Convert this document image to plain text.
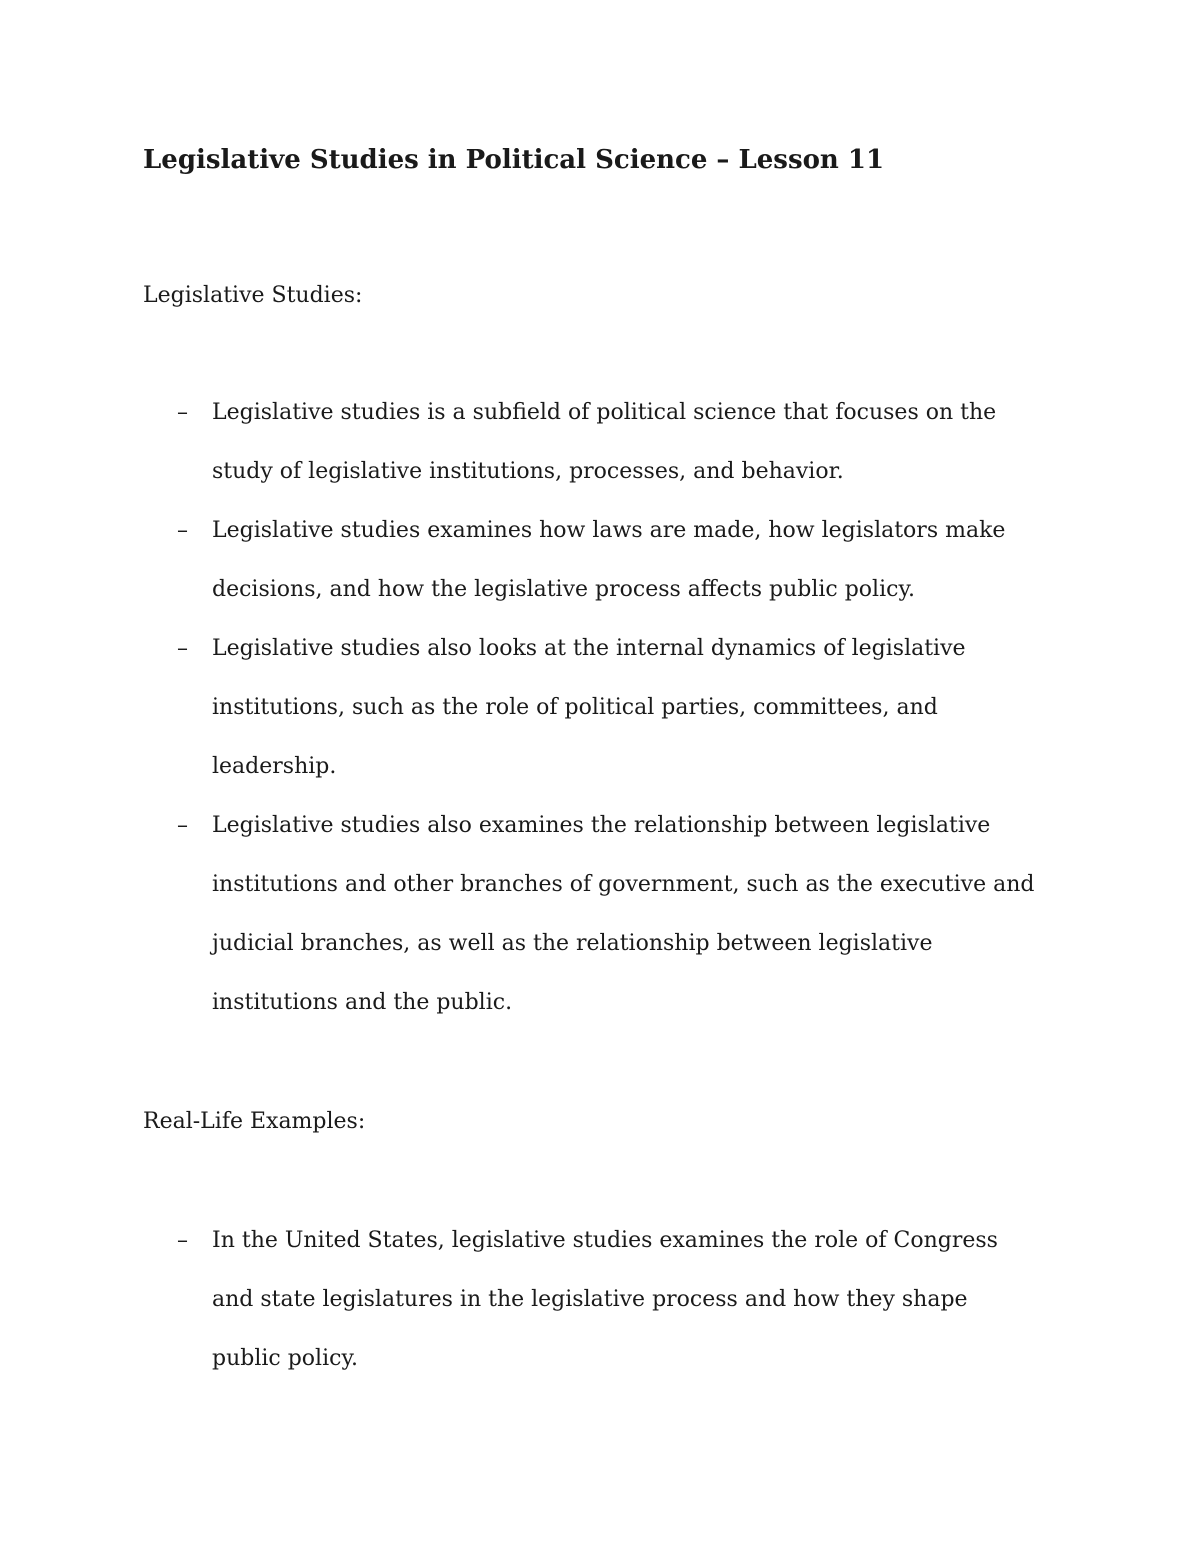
Legislative Studies in Political Science – Lesson 11
Legislative Studies:
– Legislative studies is a subfield of political science that focuses on the study of legislative institutions, processes, and behavior.
– Legislative studies examines how laws are made, how legislators make decisions, and how the legislative process affects public policy.
– Legislative studies also looks at the internal dynamics of legislative institutions, such as the role of political parties, committees, and leadership.
– Legislative studies also examines the relationship between legislative institutions and other branches of government, such as the executive and judicial branches, as well as the relationship between legislative institutions and the public.
Real-Life Examples:
– In the United States, legislative studies examines the role of Congress and state legislatures in the legislative process and how they shape public policy.
